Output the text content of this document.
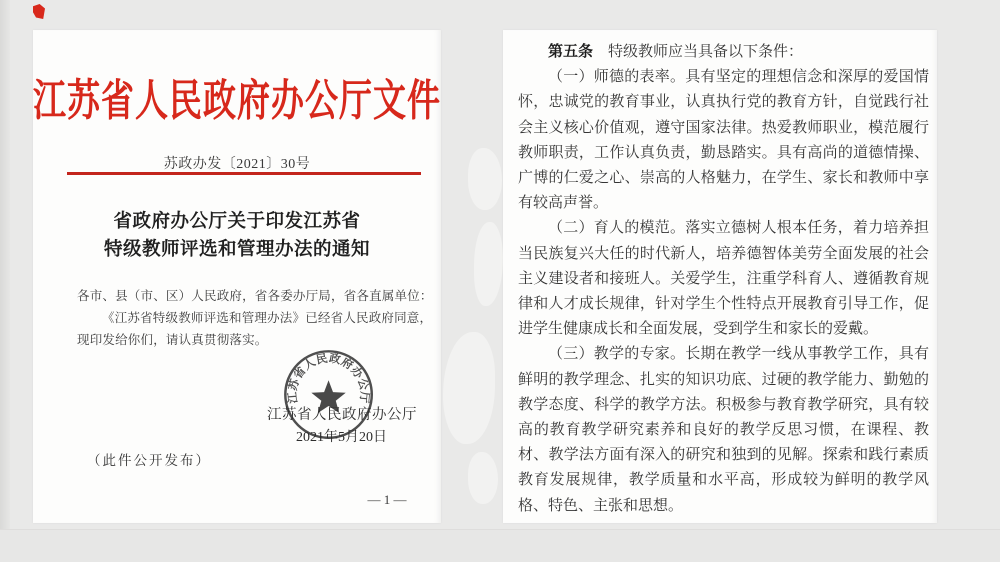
江苏省人民政府办公厅文件
苏政办发〔2021〕30号
省政府办公厅关于印发江苏省
特级教师评选和管理办法的通知
各市、县（市、区）人民政府，省各委办厅局，省各直属单位：
《江苏省特级教师评选和管理办法》已经省人民政府同意，
现印发给你们，请认真贯彻落实。
江苏省人民政府办公厅
2021年5月20日
江苏省人民政府办公厅
（此件公开发布）
— 1 —

第五条　特级教师应当具备以下条件：

（一）师德的表率。具有坚定的理想信念和深厚的爱国情怀，忠诚党的教育事业，认真执行党的教育方针，自觉践行社会主义核心价值观，遵守国家法律。热爱教师职业，模范履行教师职责，工作认真负责，勤恳踏实。具有高尚的道德情操、广博的仁爱之心、崇高的人格魅力，在学生、家长和教师中享有较高声誉。

（二）育人的模范。落实立德树人根本任务，着力培养担当民族复兴大任的时代新人，培养德智体美劳全面发展的社会主义建设者和接班人。关爱学生，注重学科育人、遵循教育规律和人才成长规律，针对学生个性特点开展教育引导工作，促进学生健康成长和全面发展，受到学生和家长的爱戴。

（三）教学的专家。长期在教学一线从事教学工作，具有鲜明的教学理念、扎实的知识功底、过硬的教学能力、勤勉的教学态度、科学的教学方法。积极参与教育教学研究，具有较高的教育教学研究素养和良好的教学反思习惯，在课程、教材、教学法方面有深入的研究和独到的见解。探索和践行素质教育发展规律，教学质量和水平高，形成较为鲜明的教学风格、特色、主张和思想。
